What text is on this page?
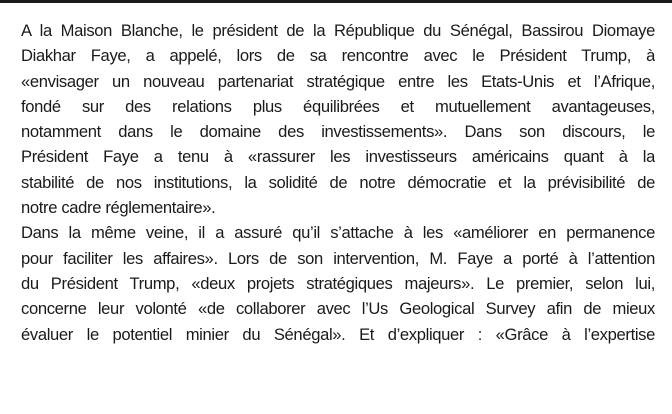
A la Maison Blanche, le président de la République du Sénégal, Bassirou Diomaye
Diakhar Faye, a appelé, lors de sa rencontre avec le Président Trump, à
«envisager un nouveau partenariat stratégique entre les Etats-Unis et l’Afrique,
fondé sur des relations plus équilibrées et mutuellement avantageuses,
notamment dans le domaine des investissements». Dans son discours, le
Président Faye a tenu à «rassurer les investisseurs américains quant à la
stabilité de nos institutions, la solidité de notre démocratie et la prévisibilité de
notre cadre réglementaire».

Dans la même veine, il a assuré qu’il s’attache à les «améliorer en permanence
pour faciliter les affaires». Lors de son intervention, M. Faye a porté à l’attention
du Président Trump, «deux projets stratégiques majeurs». Le premier, selon lui,
concerne leur volonté «de collaborer avec l’Us Geological Survey afin de mieux
évaluer le potentiel minier du Sénégal». Et d’expliquer : «Grâce à l’expertise
